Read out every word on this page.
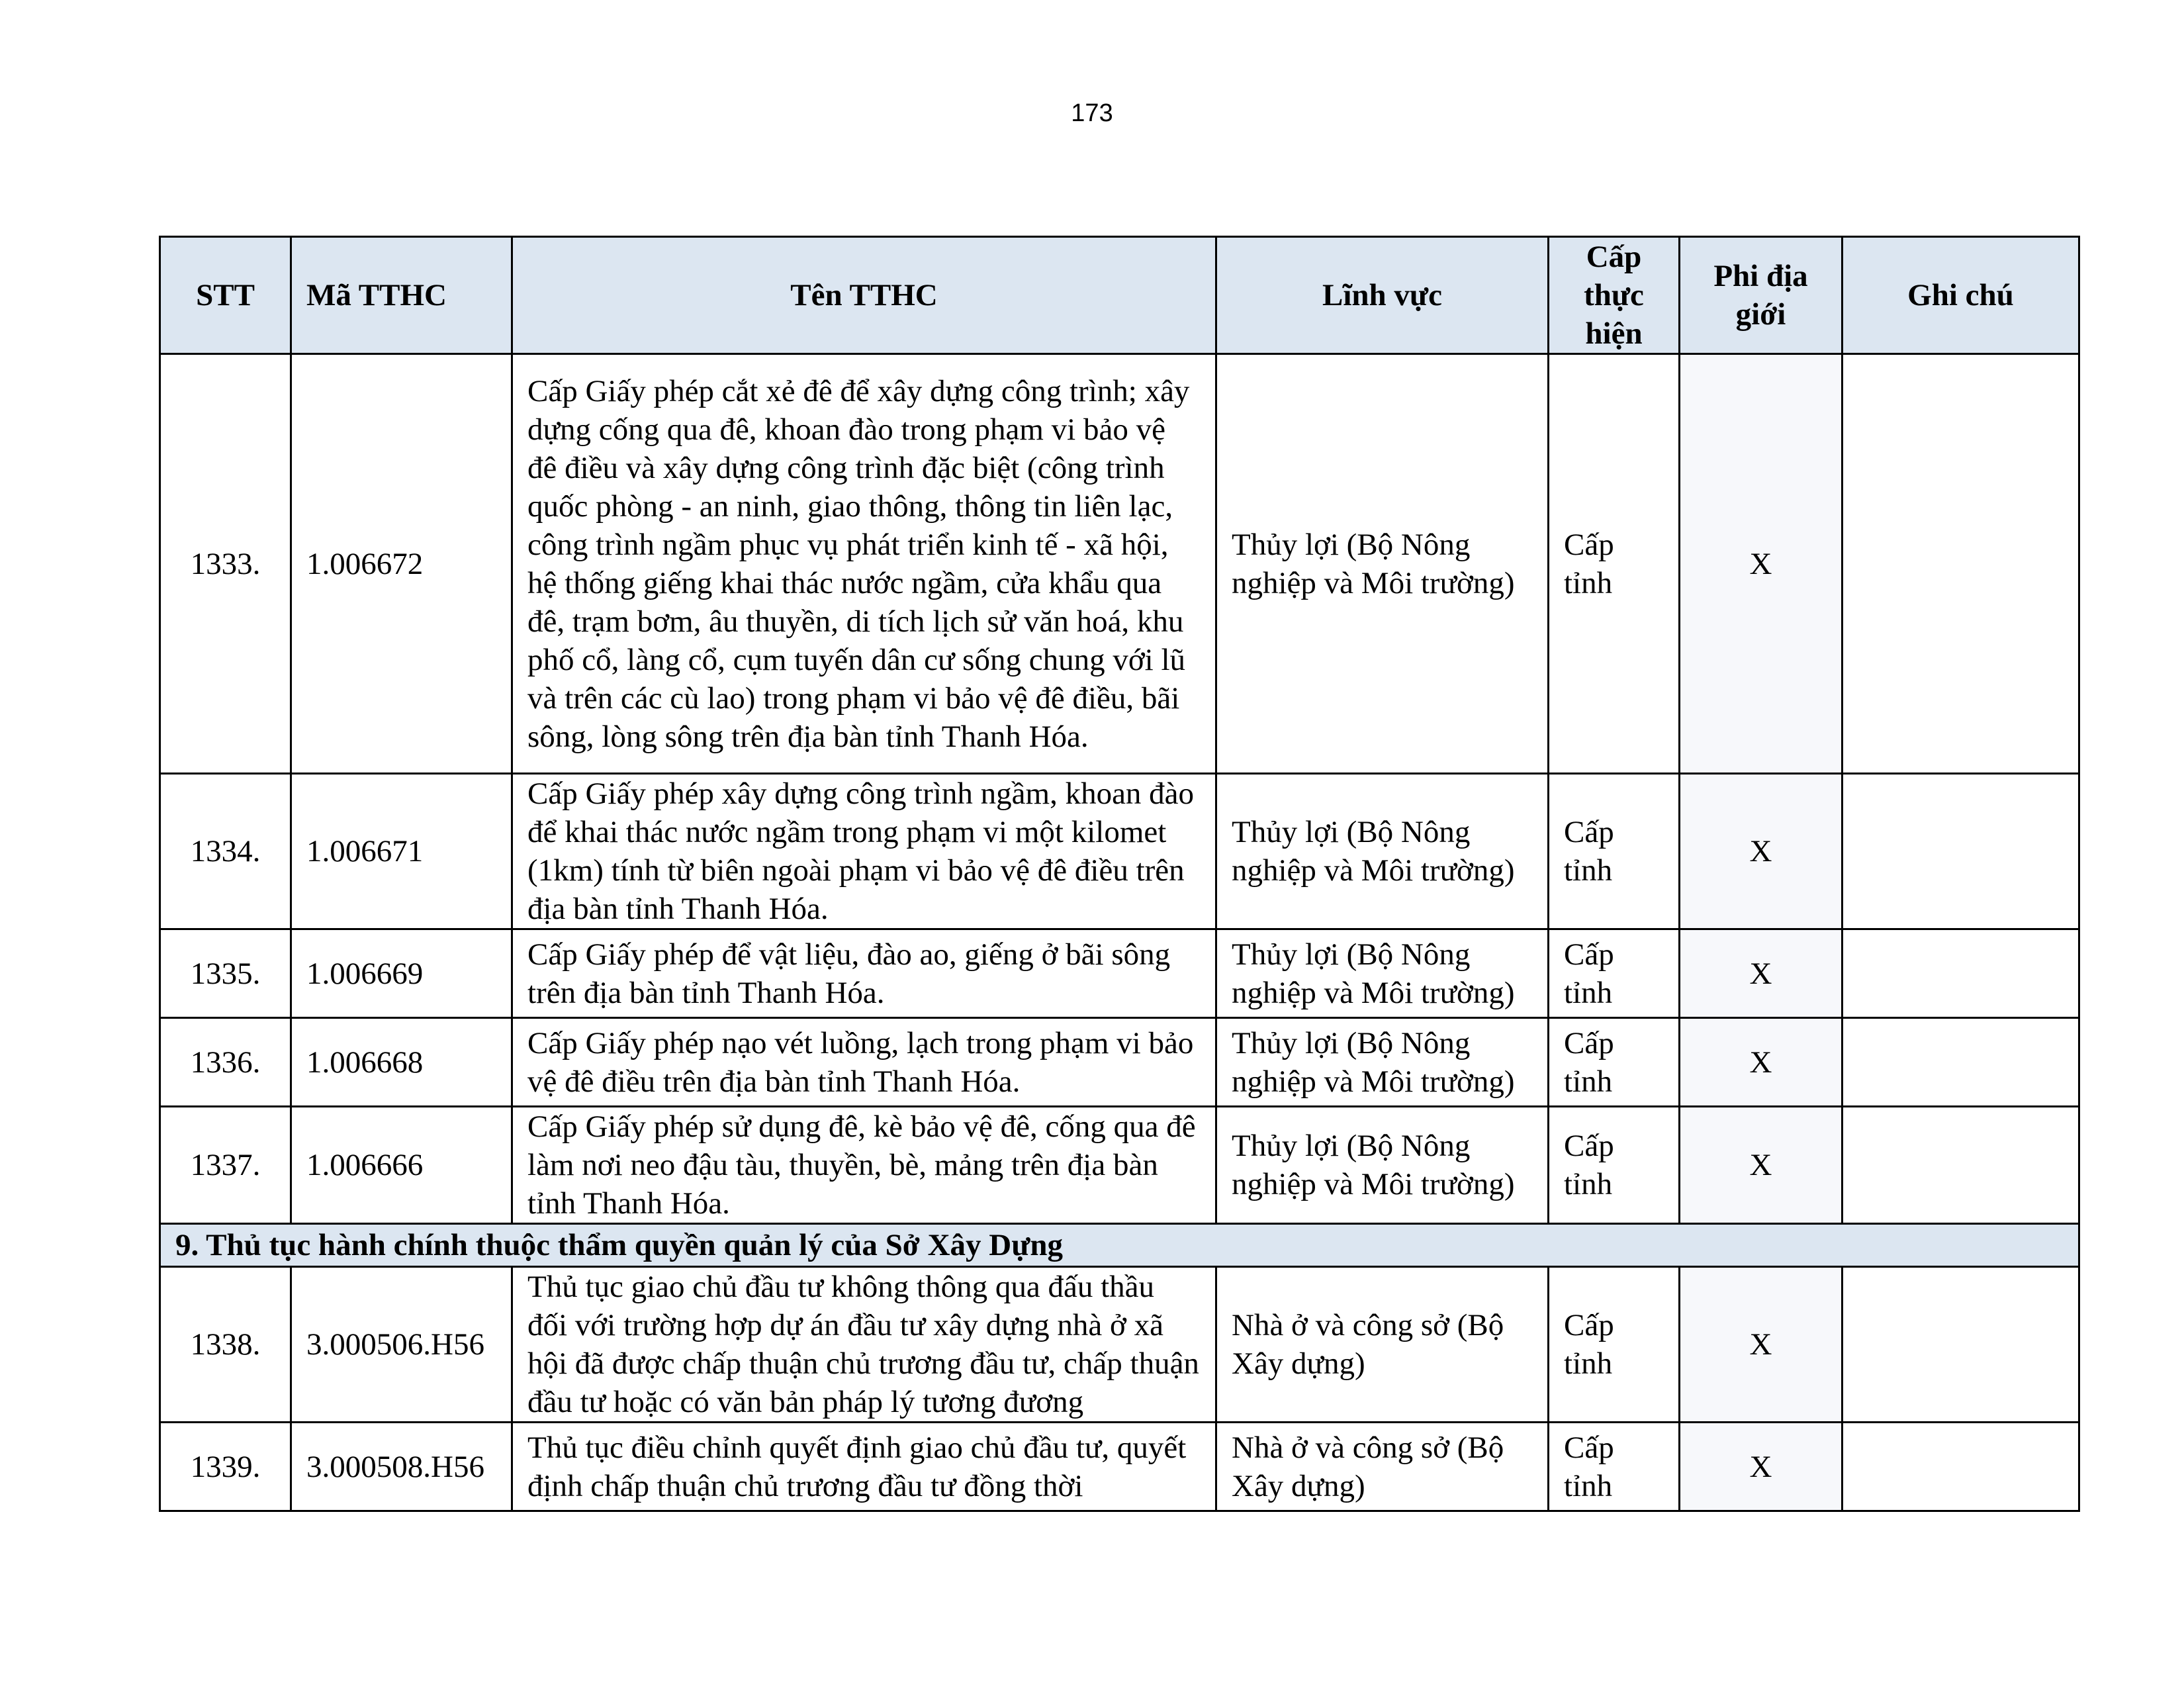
173
STT	Mã TTHC	Tên TTHC	Lĩnh vực	Cấp thực hiện	Phi địa giới	Ghi chú
1333.	1.006672	Cấp Giấy phép cắt xẻ đê để xây dựng công trình; xây dựng cống qua đê, khoan đào trong phạm vi bảo vệ đê điều và xây dựng công trình đặc biệt (công trình quốc phòng - an ninh, giao thông, thông tin liên lạc, công trình ngầm phục vụ phát triển kinh tế - xã hội, hệ thống giếng khai thác nước ngầm, cửa khẩu qua đê, trạm bơm, âu thuyền, di tích lịch sử văn hoá, khu phố cổ, làng cổ, cụm tuyến dân cư sống chung với lũ và trên các cù lao) trong phạm vi bảo vệ đê điều, bãi sông, lòng sông trên địa bàn tỉnh Thanh Hóa.	Thủy lợi (Bộ Nông nghiệp và Môi trường)	Cấp tỉnh	X	
1334.	1.006671	Cấp Giấy phép xây dựng công trình ngầm, khoan đào để khai thác nước ngầm trong phạm vi một kilomet (1km) tính từ biên ngoài phạm vi bảo vệ đê điều trên địa bàn tỉnh Thanh Hóa.	Thủy lợi (Bộ Nông nghiệp và Môi trường)	Cấp tỉnh	X	
1335.	1.006669	Cấp Giấy phép để vật liệu, đào ao, giếng ở bãi sông trên địa bàn tỉnh Thanh Hóa.	Thủy lợi (Bộ Nông nghiệp và Môi trường)	Cấp tỉnh	X	
1336.	1.006668	Cấp Giấy phép nạo vét luồng, lạch trong phạm vi bảo vệ đê điều trên địa bàn tỉnh Thanh Hóa.	Thủy lợi (Bộ Nông nghiệp và Môi trường)	Cấp tỉnh	X	
1337.	1.006666	Cấp Giấy phép sử dụng đê, kè bảo vệ đê, cống qua đê làm nơi neo đậu tàu, thuyền, bè, mảng trên địa bàn tỉnh Thanh Hóa.	Thủy lợi (Bộ Nông nghiệp và Môi trường)	Cấp tỉnh	X	
9. Thủ tục hành chính thuộc thẩm quyền quản lý của Sở Xây Dựng						
1338.	3.000506.H56	Thủ tục giao chủ đầu tư không thông qua đấu thầu đối với trường hợp dự án đầu tư xây dựng nhà ở xã hội đã được chấp thuận chủ trương đầu tư, chấp thuận đầu tư hoặc có văn bản pháp lý tương đương	Nhà ở và công sở (Bộ Xây dựng)	Cấp tỉnh	X	
1339.	3.000508.H56	Thủ tục điều chỉnh quyết định giao chủ đầu tư, quyết định chấp thuận chủ trương đầu tư đồng thời	Nhà ở và công sở (Bộ Xây dựng)	Cấp tỉnh	X	
